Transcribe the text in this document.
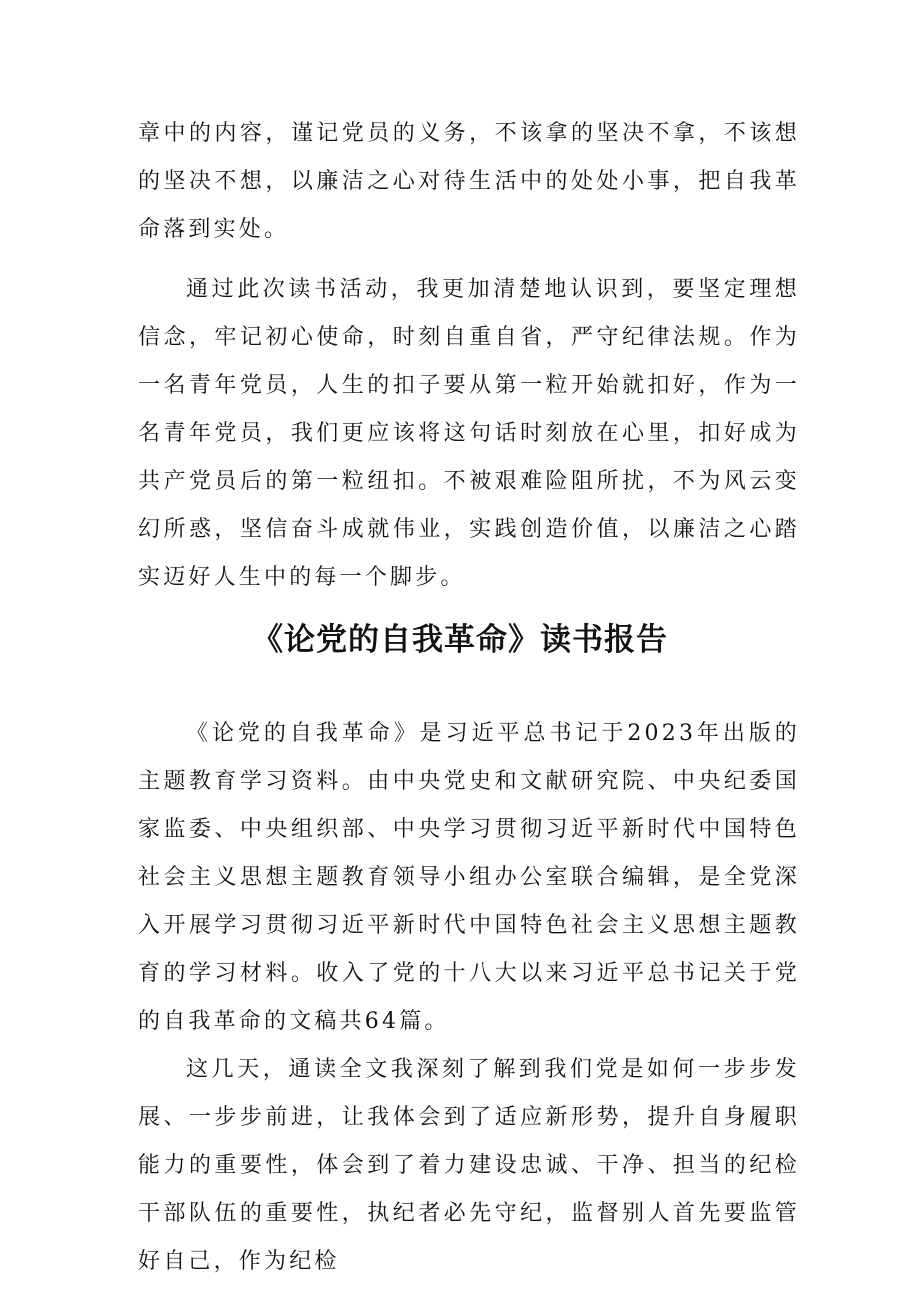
章中的内容，谨记党员的义务，不该拿的坚决不拿，不该想的坚决不想，以廉洁之心对待生活中的处处小事，把自我革命落到实处。

通过此次读书活动，我更加清楚地认识到，要坚定理想信念，牢记初心使命，时刻自重自省，严守纪律法规。作为一名青年党员，人生的扣子要从第一粒开始就扣好，作为一名青年党员，我们更应该将这句话时刻放在心里，扣好成为共产党员后的第一粒纽扣。不被艰难险阻所扰，不为风云变幻所惑，坚信奋斗成就伟业，实践创造价值，以廉洁之心踏实迈好人生中的每一个脚步。

《论党的自我革命》读书报告

《论党的自我革命》是习近平总书记于2023年出版的主题教育学习资料。由中央党史和文献研究院、中央纪委国家监委、中央组织部、中央学习贯彻习近平新时代中国特色社会主义思想主题教育领导小组办公室联合编辑，是全党深入开展学习贯彻习近平新时代中国特色社会主义思想主题教育的学习材料。收入了党的十八大以来习近平总书记关于党的自我革命的文稿共64篇。

这几天，通读全文我深刻了解到我们党是如何一步步发展、一步步前进，让我体会到了适应新形势，提升自身履职能力的重要性，体会到了着力建设忠诚、干净、担当的纪检干部队伍的重要性，执纪者必先守纪，监督别人首先要监管好自己，作为纪检
